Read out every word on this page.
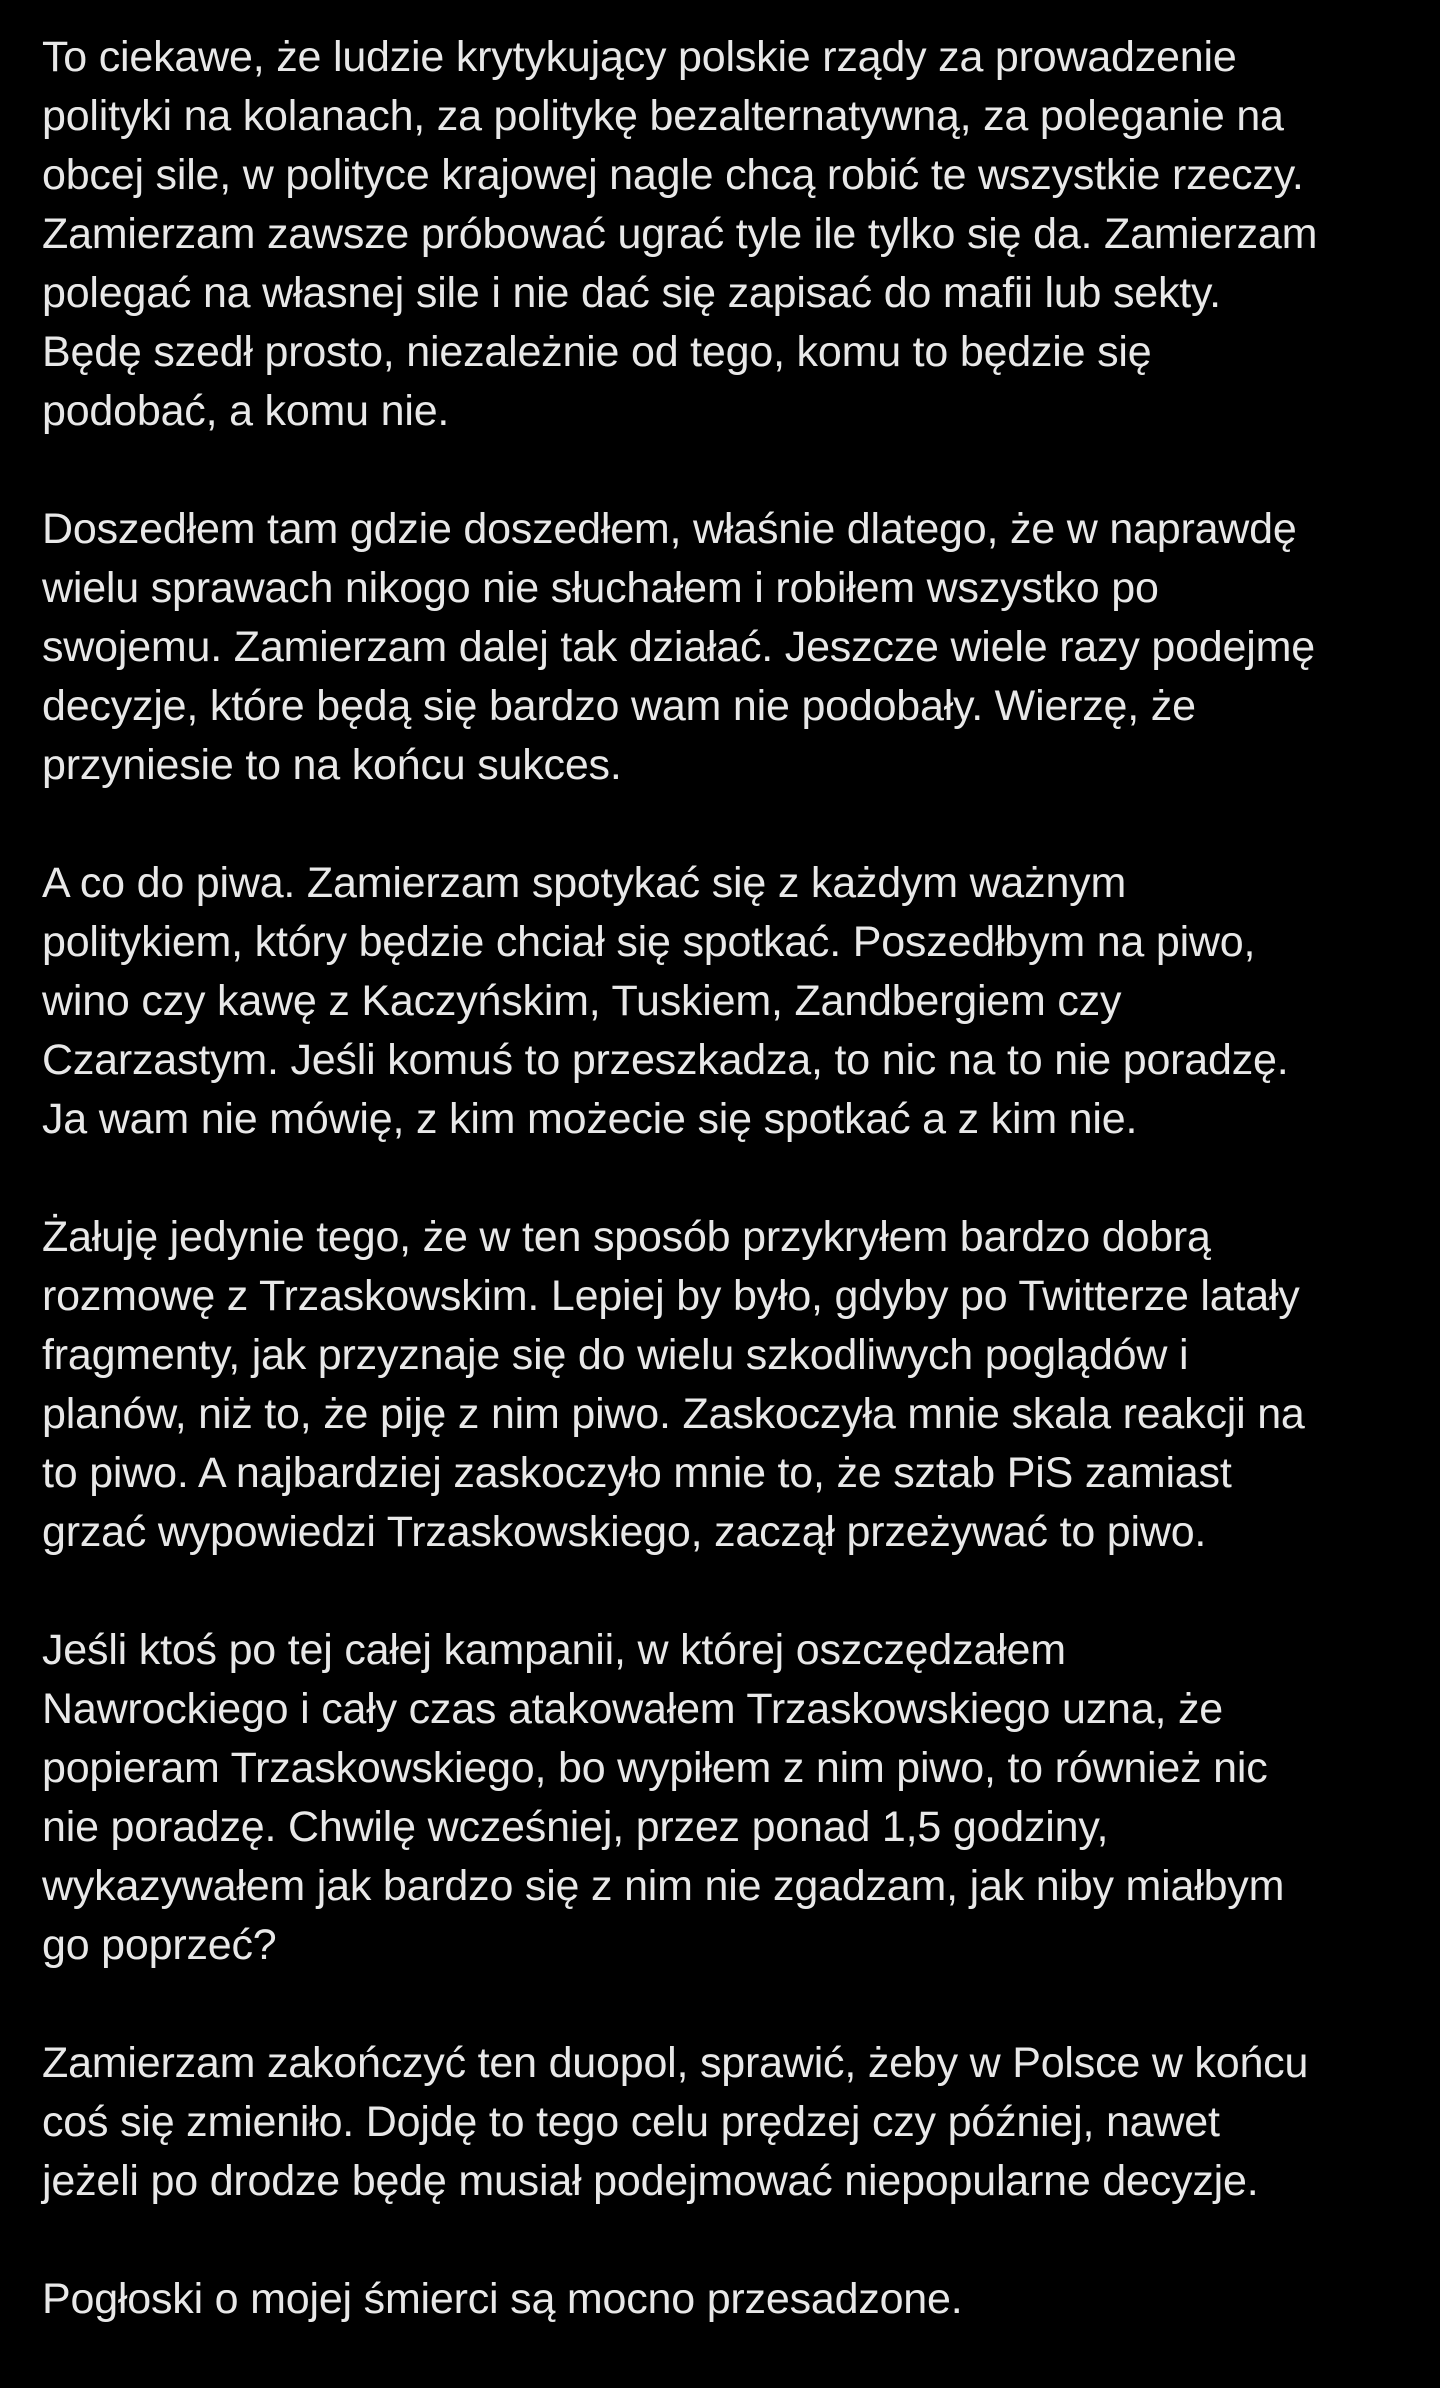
To ciekawe, że ludzie krytykujący polskie rządy za prowadzenie
polityki na kolanach, za politykę bezalternatywną, za poleganie na
obcej sile, w polityce krajowej nagle chcą robić te wszystkie rzeczy.
Zamierzam zawsze próbować ugrać tyle ile tylko się da. Zamierzam
polegać na własnej sile i nie dać się zapisać do mafii lub sekty.
Będę szedł prosto, niezależnie od tego, komu to będzie się
podobać, a komu nie.

Doszedłem tam gdzie doszedłem, właśnie dlatego, że w naprawdę
wielu sprawach nikogo nie słuchałem i robiłem wszystko po
swojemu. Zamierzam dalej tak działać. Jeszcze wiele razy podejmę
decyzje, które będą się bardzo wam nie podobały. Wierzę, że
przyniesie to na końcu sukces.

A co do piwa. Zamierzam spotykać się z każdym ważnym
politykiem, który będzie chciał się spotkać. Poszedłbym na piwo,
wino czy kawę z Kaczyńskim, Tuskiem, Zandbergiem czy
Czarzastym. Jeśli komuś to przeszkadza, to nic na to nie poradzę.
Ja wam nie mówię, z kim możecie się spotkać a z kim nie.

Żałuję jedynie tego, że w ten sposób przykryłem bardzo dobrą
rozmowę z Trzaskowskim. Lepiej by było, gdyby po Twitterze latały
fragmenty, jak przyznaje się do wielu szkodliwych poglądów i
planów, niż to, że piję z nim piwo. Zaskoczyła mnie skala reakcji na
to piwo. A najbardziej zaskoczyło mnie to, że sztab PiS zamiast
grzać wypowiedzi Trzaskowskiego, zaczął przeżywać to piwo.

Jeśli ktoś po tej całej kampanii, w której oszczędzałem
Nawrockiego i cały czas atakowałem Trzaskowskiego uzna, że
popieram Trzaskowskiego, bo wypiłem z nim piwo, to również nic
nie poradzę. Chwilę wcześniej, przez ponad 1,5 godziny,
wykazywałem jak bardzo się z nim nie zgadzam, jak niby miałbym
go poprzeć?

Zamierzam zakończyć ten duopol, sprawić, żeby w Polsce w końcu
coś się zmieniło. Dojdę to tego celu prędzej czy później, nawet
jeżeli po drodze będę musiał podejmować niepopularne decyzje.

Pogłoski o mojej śmierci są mocno przesadzone.
